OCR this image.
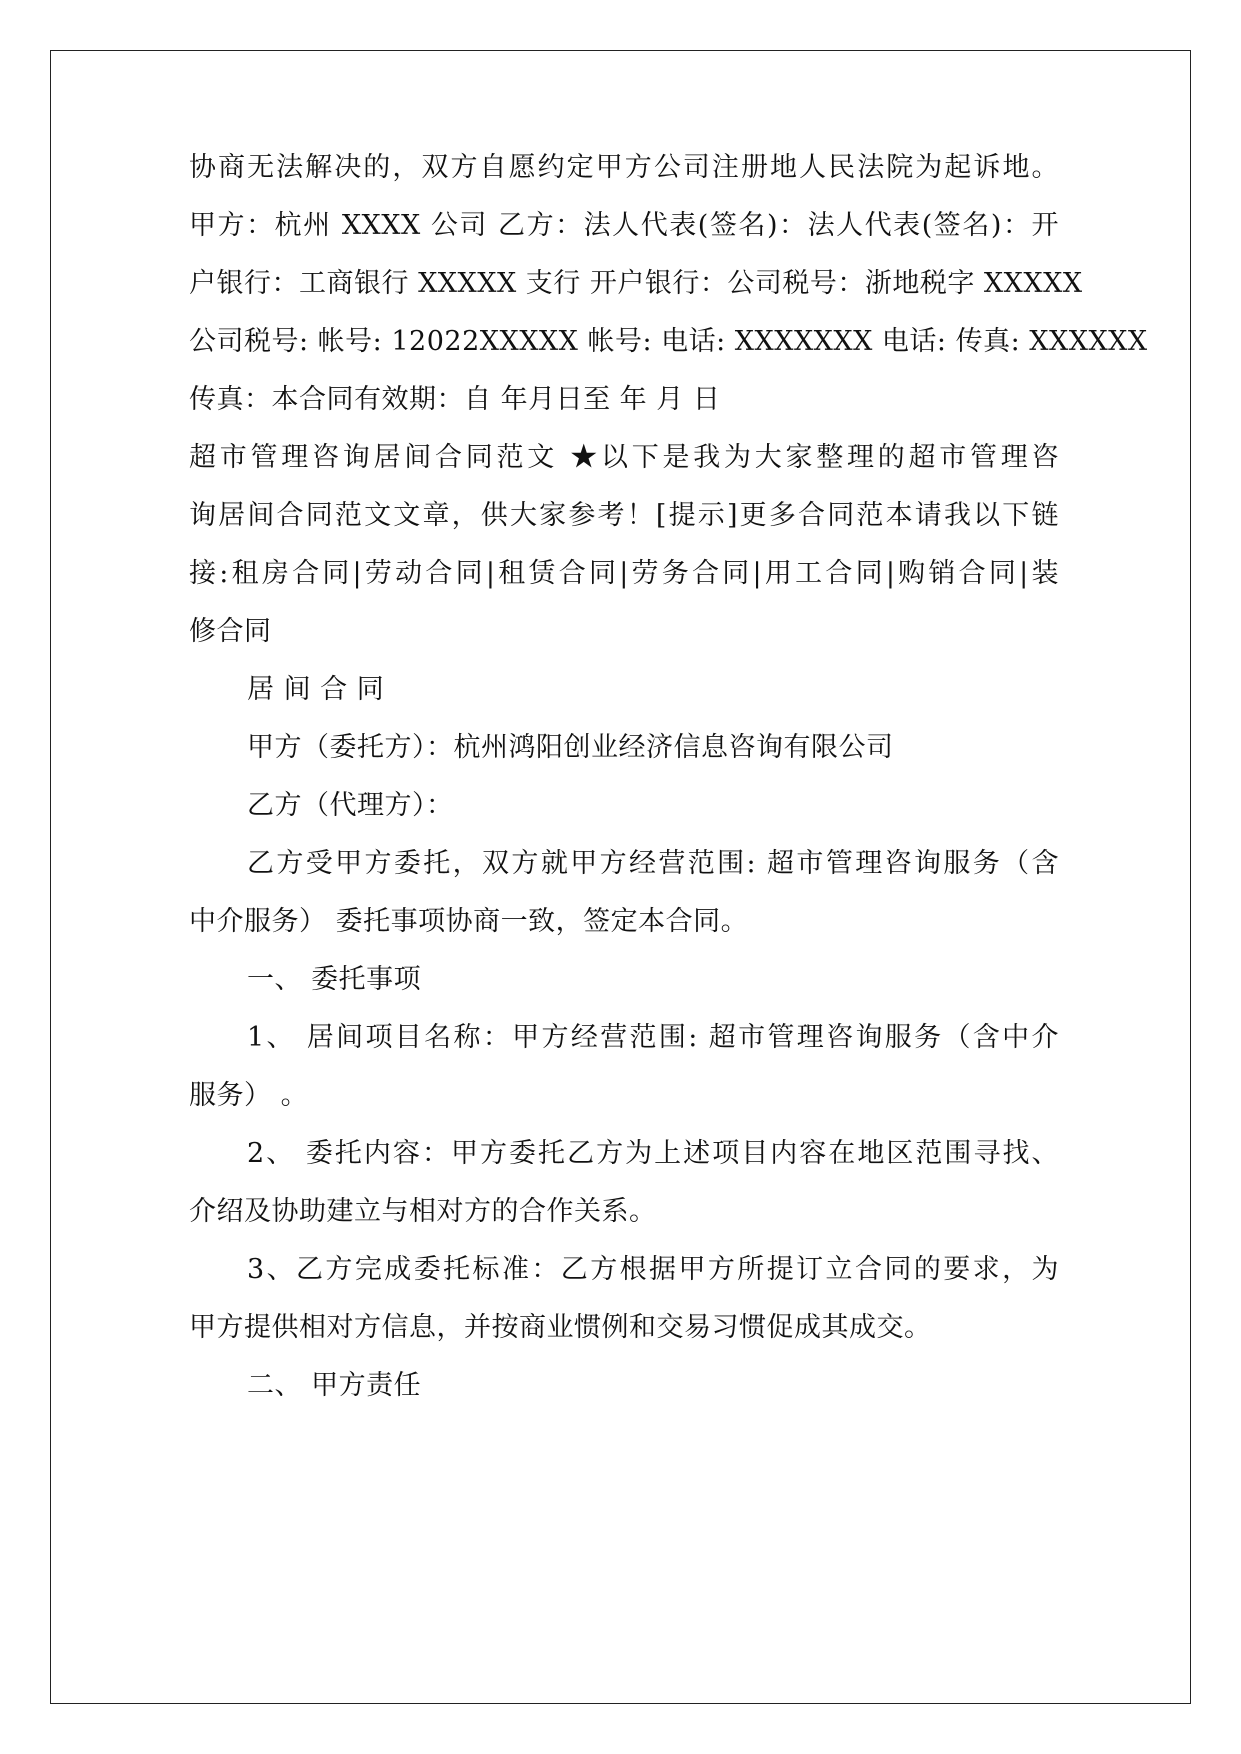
协商无法解决的，双方自愿约定甲方公司注册地人民法院为起诉地。
甲方：杭州 XXXX 公司 乙方：法人代表(签名)：法人代表(签名)：开
户银行：工商银行 XXXXX 支行 开户银行：公司税号：浙地税字 XXXXX
公司税号: 帐号: 12022XXXXX 帐号: 电话: XXXXXXX 电话: 传真: XXXXXX
传真：本合同有效期：自 年月日至 年 月 日
超市管理咨询居间合同范文 ★以下是我为大家整理的超市管理咨
询居间合同范文文章，供大家参考！[提示]更多合同范本请我以下链
接:租房合同|劳动合同|租赁合同|劳务合同|用工合同|购销合同|装
修合同
居 间 合 同
甲方（委托方）：杭州鸿阳创业经济信息咨询有限公司
乙方（代理方）：
乙方受甲方委托，双方就甲方经营范围: 超市管理咨询服务（含
中介服务） 委托事项协商一致，签定本合同。
一、 委托事项
1、 居间项目名称：甲方经营范围: 超市管理咨询服务（含中介
服务） 。
2、 委托内容：甲方委托乙方为上述项目内容在地区范围寻找、
介绍及协助建立与相对方的合作关系。
3、乙方完成委托标准：乙方根据甲方所提订立合同的要求，为
甲方提供相对方信息，并按商业惯例和交易习惯促成其成交。
二、 甲方责任
